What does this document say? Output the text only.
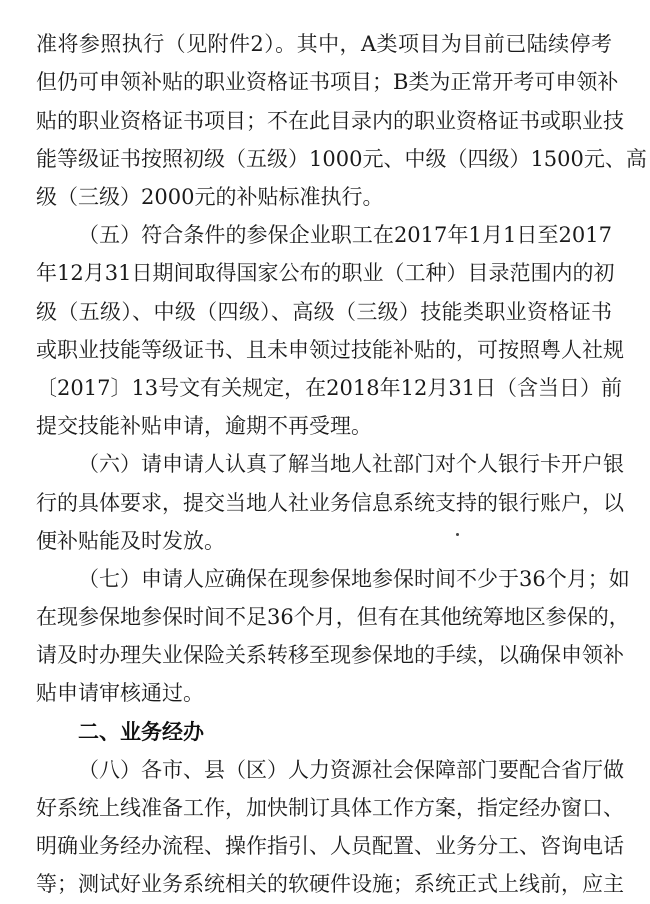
准将参照执行（见附件2）。其中，A类项目为目前已陆续停考
但仍可申领补贴的职业资格证书项目；B类为正常开考可申领补
贴的职业资格证书项目；不在此目录内的职业资格证书或职业技
能等级证书按照初级（五级）1000元、中级（四级）1500元、高
级（三级）2000元的补贴标准执行。
（五）符合条件的参保企业职工在2017年1月1日至2017
年12月31日期间取得国家公布的职业（工种）目录范围内的初
级（五级）、中级（四级）、高级（三级）技能类职业资格证书
或职业技能等级证书、且未申领过技能补贴的，可按照粤人社规
〔2017〕13号文有关规定，在2018年12月31日（含当日）前
提交技能补贴申请，逾期不再受理。
（六）请申请人认真了解当地人社部门对个人银行卡开户银
行的具体要求，提交当地人社业务信息系统支持的银行账户，以
便补贴能及时发放。
（七）申请人应确保在现参保地参保时间不少于36个月；如
在现参保地参保时间不足36个月，但有在其他统筹地区参保的，
请及时办理失业保险关系转移至现参保地的手续，以确保申领补
贴申请审核通过。
二、业务经办
（八）各市、县（区）人力资源社会保障部门要配合省厅做
好系统上线准备工作，加快制订具体工作方案，指定经办窗口、
明确业务经办流程、操作指引、人员配置、业务分工、咨询电话
等；测试好业务系统相关的软硬件设施；系统正式上线前，应主
